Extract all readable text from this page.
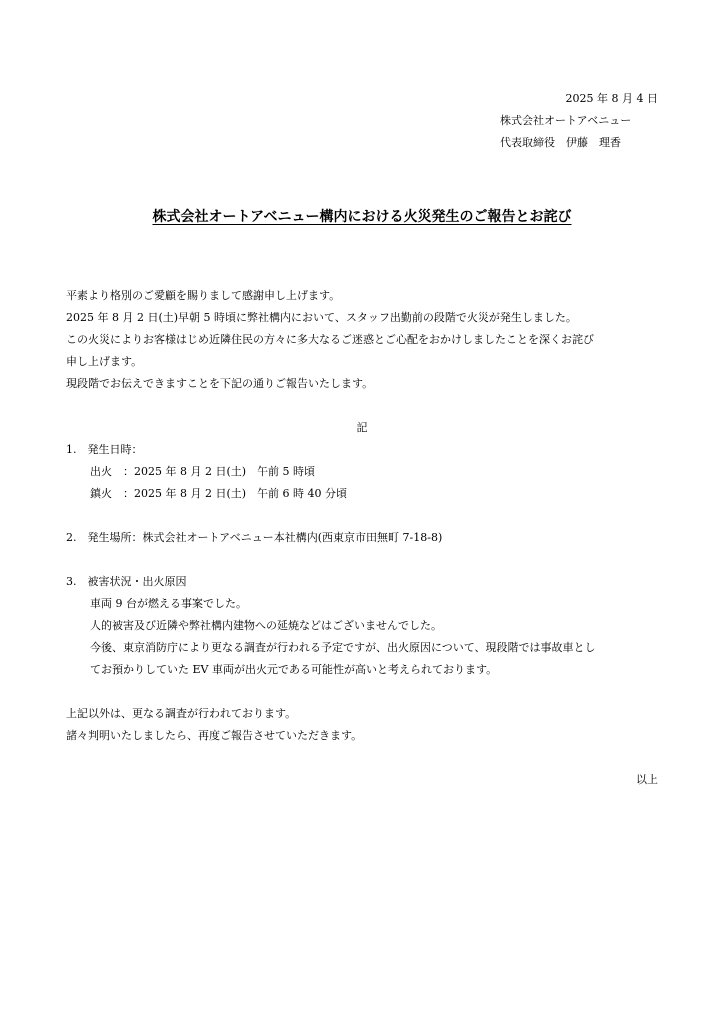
2025 年 8 月 4 日
株式会社オートアベニュー
代表取締役　伊藤　理香
株式会社オートアベニュー構内における火災発生のご報告とお詫び
平素より格別のご愛顧を賜りまして感謝申し上げます。
2025 年 8 月 2 日(土)早朝 5 時頃に弊社構内において、スタッフ出勤前の段階で火災が発生しました。
この火災によりお客様はじめ近隣住民の方々に多大なるご迷惑とご心配をおかけしましたことを深くお詫び
申し上げます。
現段階でお伝えできますことを下記の通りご報告いたします。
記
1.　発生日時：
出火　：2025 年 8 月 2 日(土)　午前 5 時頃
鎮火　：2025 年 8 月 2 日(土)　午前 6 時 40 分頃
2.　発生場所：株式会社オートアベニュー本社構内(西東京市田無町 7-18-8)
3.　被害状況・出火原因
車両 9 台が燃える事案でした。
人的被害及び近隣や弊社構内建物への延焼などはございませんでした。
今後、東京消防庁により更なる調査が行われる予定ですが、出火原因について、現段階では事故車とし
てお預かりしていた EV 車両が出火元である可能性が高いと考えられております。
上記以外は、更なる調査が行われております。
諸々判明いたしましたら、再度ご報告させていただきます。
以上
